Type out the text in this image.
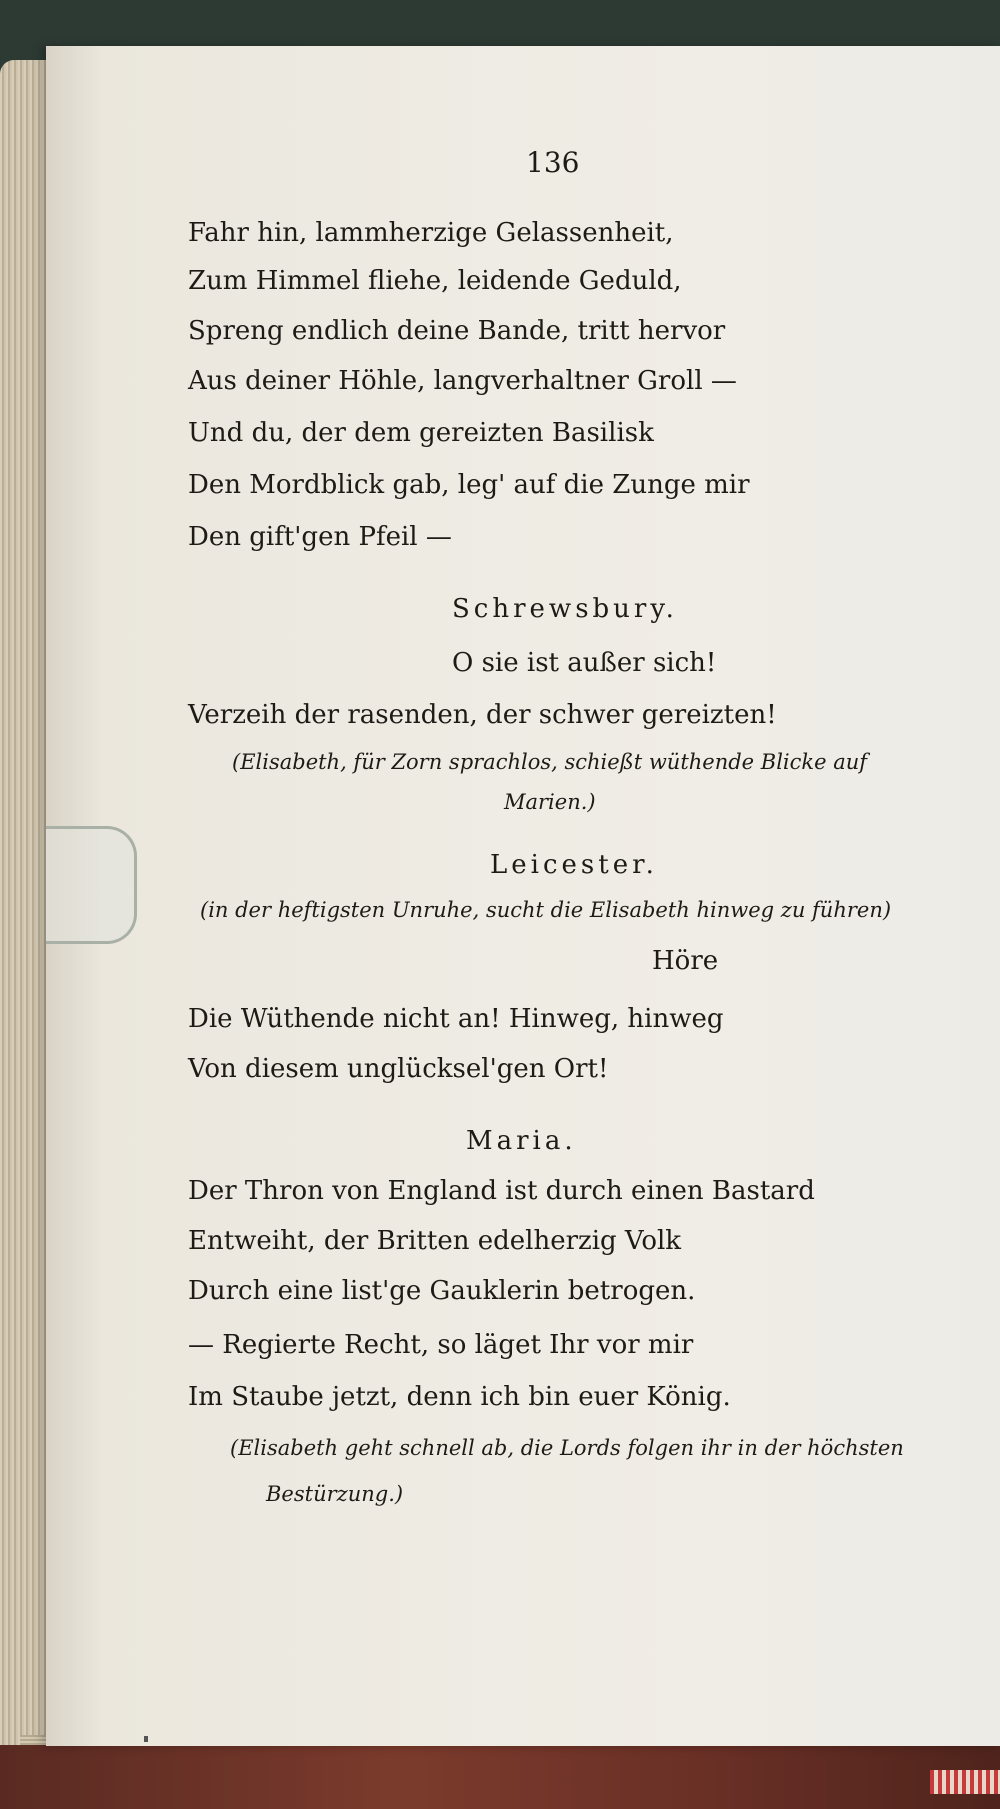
136
Fahr hin, lammherzige Gelassenheit,
Zum Himmel fliehe, leidende Geduld,
Spreng endlich deine Bande, tritt hervor
Aus deiner Höhle, langverhaltner Groll —
Und du, der dem gereizten Basilisk
Den Mordblick gab, leg' auf die Zunge mir
Den gift'gen Pfeil —
Schrewsbury.
O sie ist außer sich!
Verzeih der rasenden, der schwer gereizten!
(Elisabeth, für Zorn sprachlos, schießt wüthende Blicke auf
Marien.)
Leicester.
(in der heftigsten Unruhe, sucht die Elisabeth hinweg zu führen)
Höre
Die Wüthende nicht an! Hinweg, hinweg
Von diesem unglücksel'gen Ort!
Maria.
Der Thron von England ist durch einen Bastard
Entweiht, der Britten edelherzig Volk
Durch eine list'ge Gauklerin betrogen.
— Regierte Recht, so läget Ihr vor mir
Im Staube jetzt, denn ich bin euer König.
(Elisabeth geht schnell ab, die Lords folgen ihr in der höchsten
Bestürzung.)
